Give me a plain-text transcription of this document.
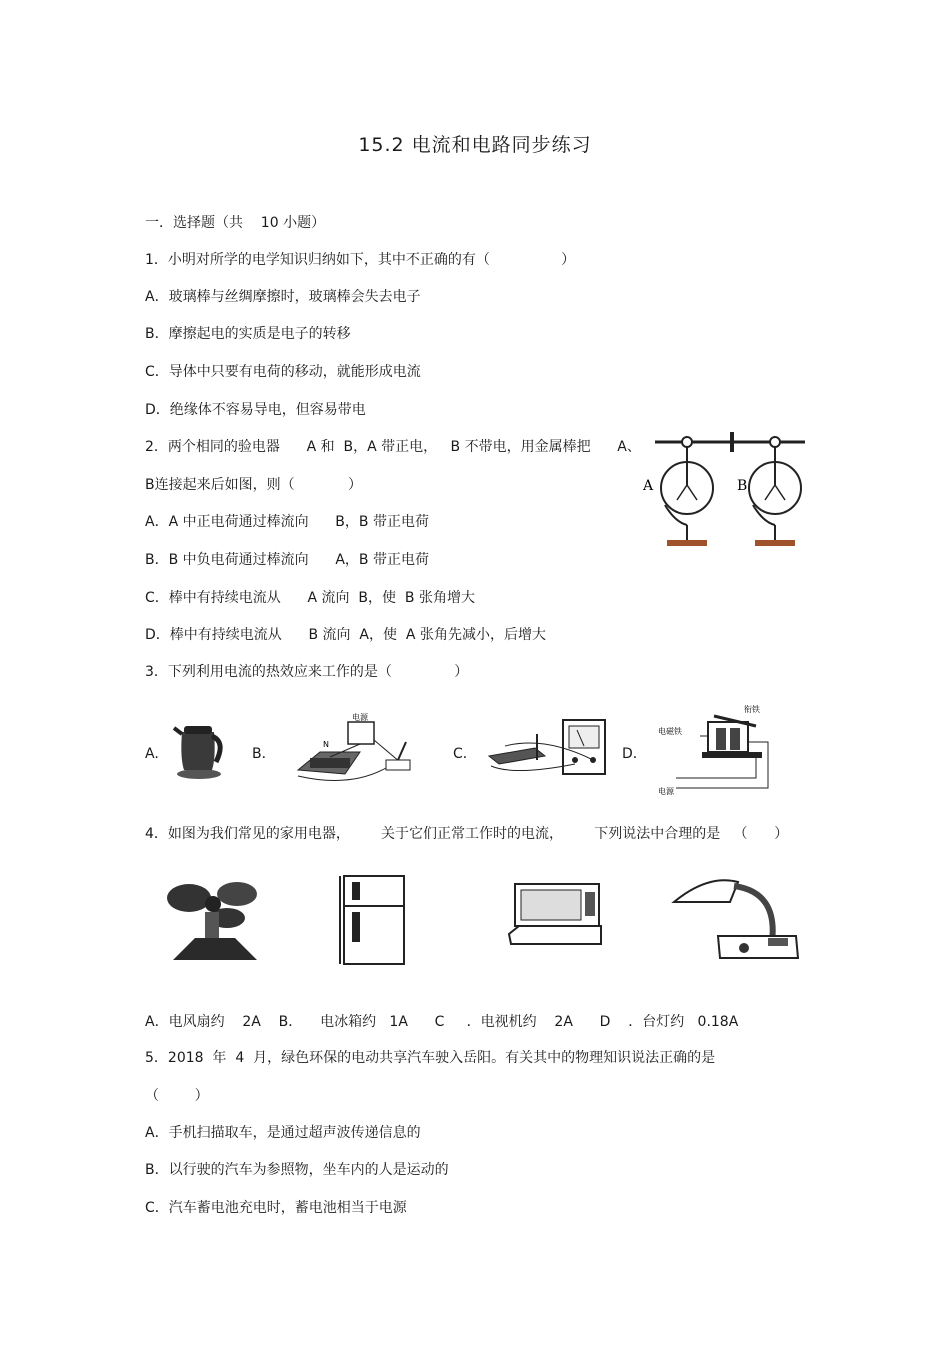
15.2 电流和电路同步练习
一．选择题（共    10 小题）
1．小明对所学的电学知识归纳如下，其中不正确的有（                ）
A．玻璃棒与丝绸摩擦时，玻璃棒会失去电子
B．摩擦起电的实质是电子的转移
C．导体中只要有电荷的移动，就能形成电流
D．绝缘体不容易导电，但容易带电
2．两个相同的验电器      A 和  B，A 带正电，   B 不带电，用金属棒把      A、
B连接起来后如图，则（            ）
A．A 中正电荷通过棒流向      B，B 带正电荷
B．B 中负电荷通过棒流向      A，B 带正电荷
C．棒中有持续电流从      A 流向  B，使  B 张角增大
D．棒中有持续电流从      B 流向  A，使  A 张角先减小，后增大
A	B
3．下列利用电流的热效应来工作的是（              ）
A.	B．	C．	D．
电源
N
衔铁
电磁铁
电源
4．如图为我们常见的家用电器，       关于它们正常工作时的电流，       下列说法中合理的是   （      ）
A．电风扇约    2A    B．    电冰箱约   1A      C     ．电视机约    2A      D    ．台灯约   0.18A
5．2018  年  4  月，绿色环保的电动共享汽车驶入岳阳。有关其中的物理知识说法正确的是
（        ）
A．手机扫描取车，是通过超声波传递信息的
B．以行驶的汽车为参照物，坐车内的人是运动的
C．汽车蓄电池充电时，蓄电池相当于电源
